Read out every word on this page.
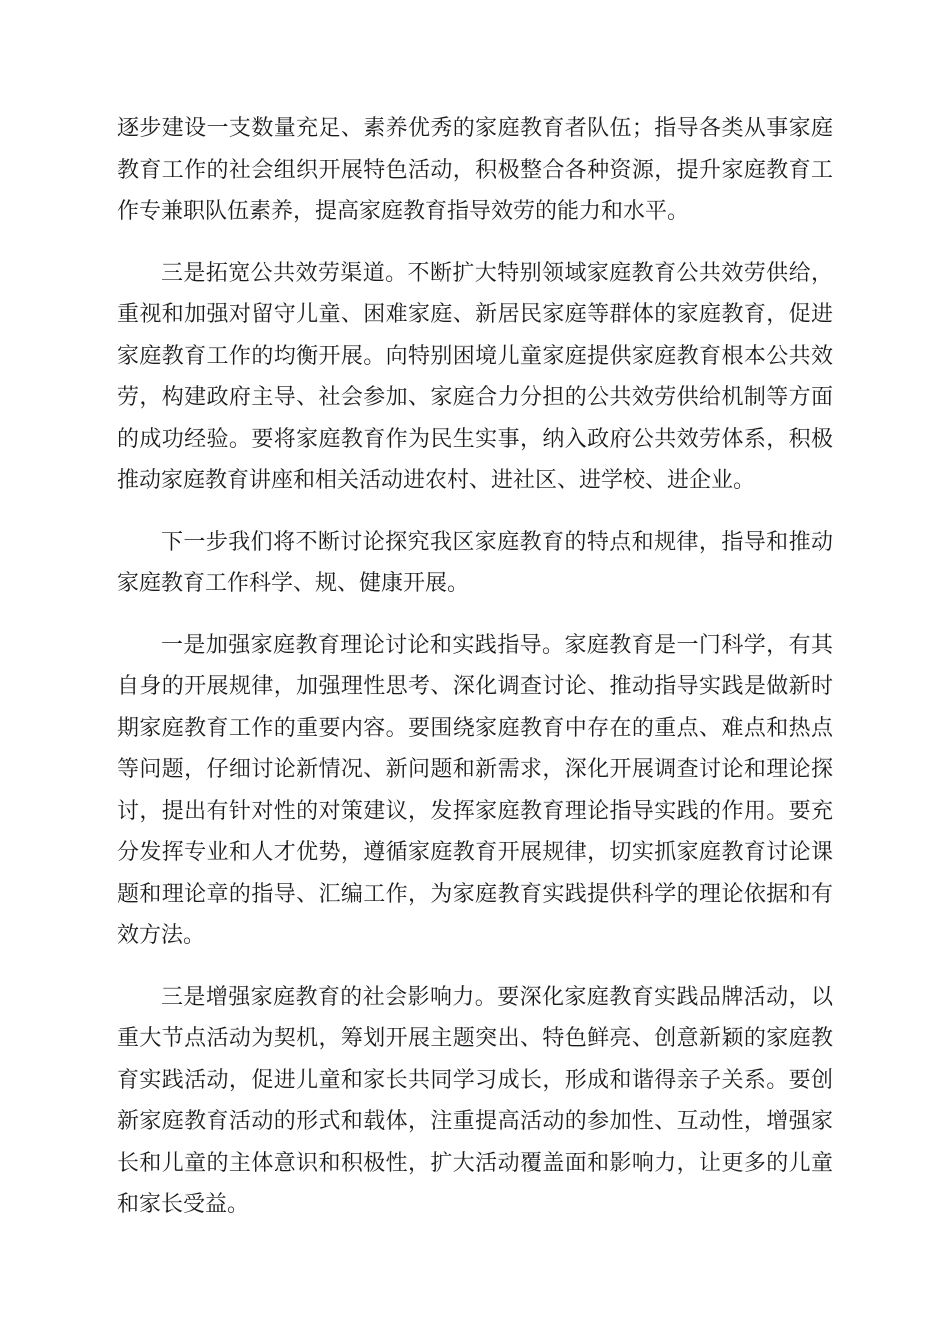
逐步建设一支数量充足、素养优秀的家庭教育者队伍；指导各类从事家庭教育工作的社会组织开展特色活动，积极整合各种资源，提升家庭教育工作专兼职队伍素养，提高家庭教育指导效劳的能力和水平。

三是拓宽公共效劳渠道。不断扩大特别领域家庭教育公共效劳供给，重视和加强对留守儿童、困难家庭、新居民家庭等群体的家庭教育，促进家庭教育工作的均衡开展。向特别困境儿童家庭提供家庭教育根本公共效劳，构建政府主导、社会参加、家庭合力分担的公共效劳供给机制等方面的成功经验。要将家庭教育作为民生实事，纳入政府公共效劳体系，积极推动家庭教育讲座和相关活动进农村、进社区、进学校、进企业。

下一步我们将不断讨论探究我区家庭教育的特点和规律，指导和推动家庭教育工作科学、规、健康开展。

一是加强家庭教育理论讨论和实践指导。家庭教育是一门科学，有其自身的开展规律，加强理性思考、深化调查讨论、推动指导实践是做新时期家庭教育工作的重要内容。要围绕家庭教育中存在的重点、难点和热点等问题，仔细讨论新情况、新问题和新需求，深化开展调查讨论和理论探讨，提出有针对性的对策建议，发挥家庭教育理论指导实践的作用。要充分发挥专业和人才优势，遵循家庭教育开展规律，切实抓家庭教育讨论课题和理论章的指导、汇编工作，为家庭教育实践提供科学的理论依据和有效方法。

三是增强家庭教育的社会影响力。要深化家庭教育实践品牌活动，以重大节点活动为契机，筹划开展主题突出、特色鲜亮、创意新颖的家庭教育实践活动，促进儿童和家长共同学习成长，形成和谐得亲子关系。要创新家庭教育活动的形式和载体，注重提高活动的参加性、互动性，增强家长和儿童的主体意识和积极性，扩大活动覆盖面和影响力，让更多的儿童和家长受益。
